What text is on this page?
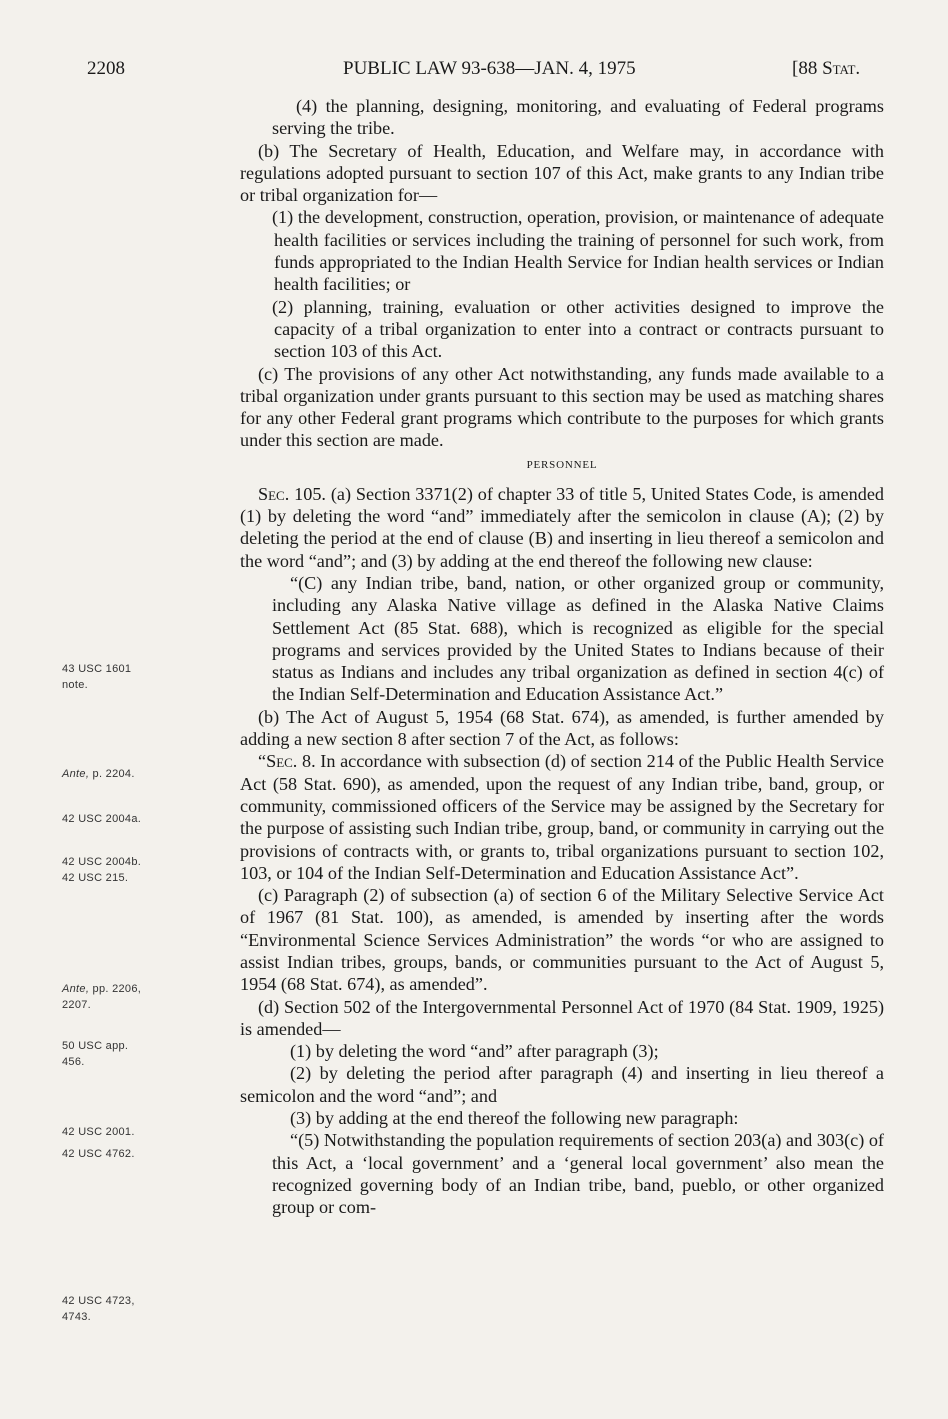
2208	PUBLIC LAW 93-638—JAN. 4, 1975	[88 Stat.
43 USC 1601
note.
Ante, p. 2204.
42 USC 2004a.
42 USC 2004b.
42 USC 215.
Ante, pp. 2206,
2207.
50 USC app.
456.
42 USC 2001.
42 USC 4762.
42 USC 4723,
4743.

(4) the planning, designing, monitoring, and evaluating of Federal programs serving the tribe.

(b) The Secretary of Health, Education, and Welfare may, in accordance with regulations adopted pursuant to section 107 of this Act, make grants to any Indian tribe or tribal organization for—

(1) the development, construction, operation, provision, or maintenance of adequate health facilities or services including the training of personnel for such work, from funds appropriated to the Indian Health Service for Indian health services or Indian health facilities; or

(2) planning, training, evaluation or other activities designed to improve the capacity of a tribal organization to enter into a contract or contracts pursuant to section 103 of this Act.

(c) The provisions of any other Act notwithstanding, any funds made available to a tribal organization under grants pursuant to this section may be used as matching shares for any other Federal grant programs which contribute to the purposes for which grants under this section are made.

PERSONNEL

Sec. 105. (a) Section 3371(2) of chapter 33 of title 5, United States Code, is amended (1) by deleting the word “and” immediately after the semicolon in clause (A); (2) by deleting the period at the end of clause (B) and inserting in lieu thereof a semicolon and the word “and”; and (3) by adding at the end thereof the following new clause:

“(C) any Indian tribe, band, nation, or other organized group or community, including any Alaska Native village as defined in the Alaska Native Claims Settlement Act (85 Stat. 688), which is recognized as eligible for the special programs and services provided by the United States to Indians because of their status as Indians and includes any tribal organization as defined in section 4(c) of the Indian Self-Determination and Education Assistance Act.”

(b) The Act of August 5, 1954 (68 Stat. 674), as amended, is further amended by adding a new section 8 after section 7 of the Act, as follows:

“Sec. 8. In accordance with subsection (d) of section 214 of the Public Health Service Act (58 Stat. 690), as amended, upon the request of any Indian tribe, band, group, or community, commissioned officers of the Service may be assigned by the Secretary for the purpose of assisting such Indian tribe, group, band, or community in carrying out the provisions of contracts with, or grants to, tribal organizations pursuant to section 102, 103, or 104 of the Indian Self-Determination and Education Assistance Act”.

(c) Paragraph (2) of subsection (a) of section 6 of the Military Selective Service Act of 1967 (81 Stat. 100), as amended, is amended by inserting after the words “Environmental Science Services Administration” the words “or who are assigned to assist Indian tribes, groups, bands, or communities pursuant to the Act of August 5, 1954 (68 Stat. 674), as amended”.

(d) Section 502 of the Intergovernmental Personnel Act of 1970 (84 Stat. 1909, 1925) is amended—

(1) by deleting the word “and” after paragraph (3);

(2) by deleting the period after paragraph (4) and inserting in lieu thereof a semicolon and the word “and”; and

(3) by adding at the end thereof the following new paragraph:

“(5) Notwithstanding the population requirements of section 203(a) and 303(c) of this Act, a ‘local government’ and a ‘general local government’ also mean the recognized governing body of an Indian tribe, band, pueblo, or other organized group or com-
